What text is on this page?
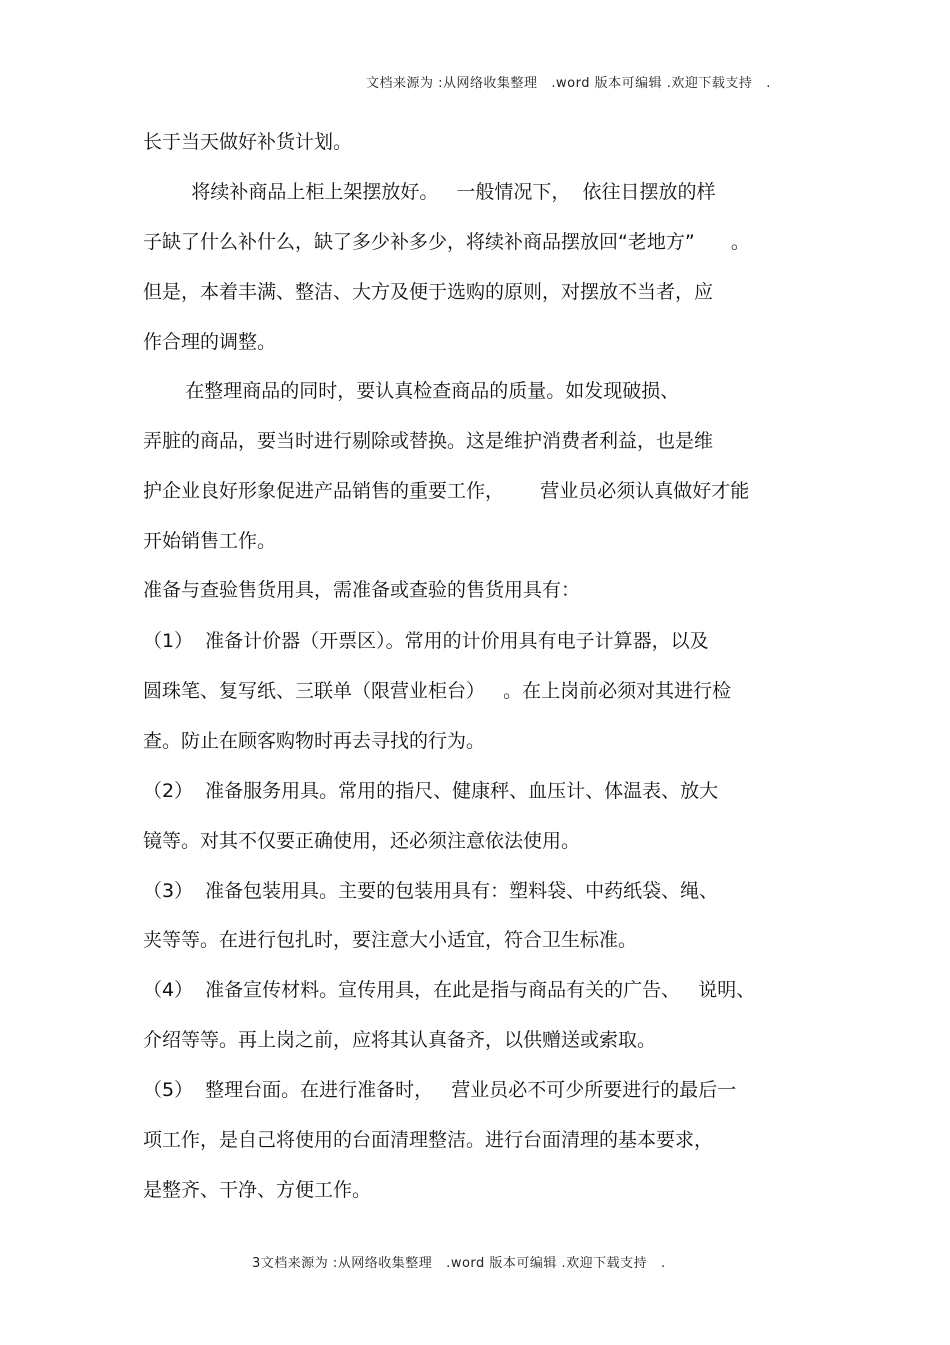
文档来源为 :从网络收集整理   .word 版本可编辑 .欢迎下载支持   .
长于当天做好补货计划。
将续补商品上柜上架摆放好。   一般情况下，  依往日摆放的样
子缺了什么补什么，缺了多少补多少，将续补商品摆放回“老地方”      。
但是，本着丰满、整洁、大方及便于选购的原则，对摆放不当者，应
作合理的调整。
在整理商品的同时，要认真检查商品的质量。如发现破损、
弄脏的商品，要当时进行剔除或替换。这是维护消费者利益，也是维
护企业良好形象促进产品销售的重要工作，      营业员必须认真做好才能
开始销售工作。
准备与查验售货用具，需准备或查验的售货用具有：
（1）  准备计价器（开票区）。常用的计价用具有电子计算器，以及
圆珠笔、复写纸、三联单（限营业柜台）   。在上岗前必须对其进行检
查。防止在顾客购物时再去寻找的行为。
（2）  准备服务用具。常用的指尺、健康秤、血压计、体温表、放大
镜等。对其不仅要正确使用，还必须注意依法使用。
（3）  准备包装用具。主要的包装用具有：塑料袋、中药纸袋、绳、
夹等等。在进行包扎时，要注意大小适宜，符合卫生标准。
（4）  准备宣传材料。宣传用具，在此是指与商品有关的广告、   说明、
介绍等等。再上岗之前，应将其认真备齐，以供赠送或索取。
（5）  整理台面。在进行准备时，   营业员必不可少所要进行的最后一
项工作，是自己将使用的台面清理整洁。进行台面清理的基本要求，
是整齐、干净、方便工作。
3文档来源为 :从网络收集整理   .word 版本可编辑 .欢迎下载支持   .
